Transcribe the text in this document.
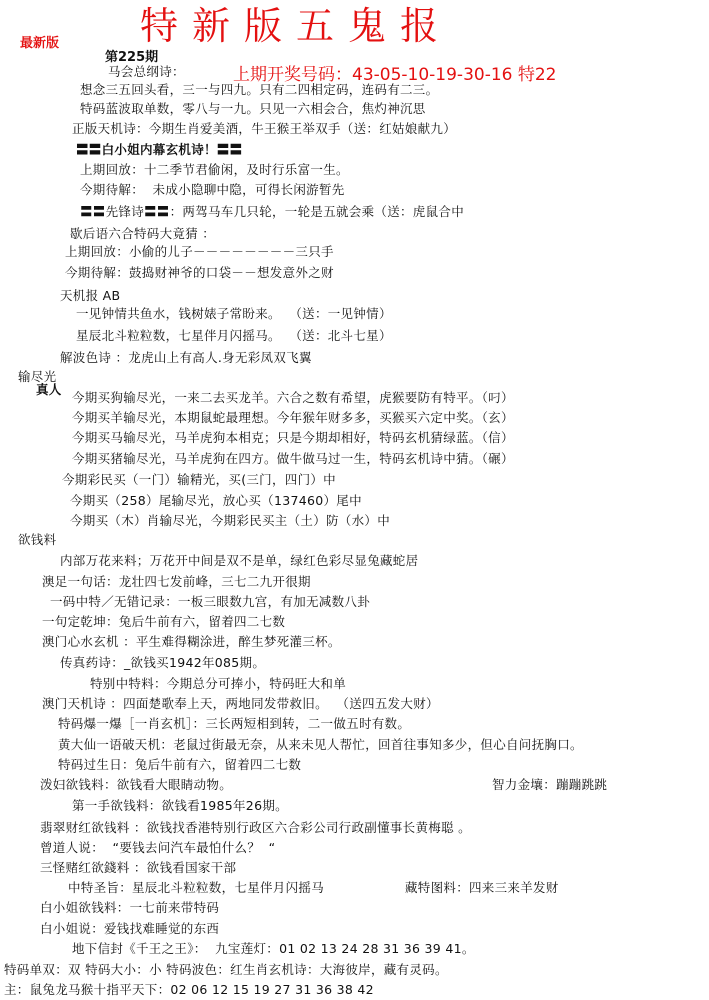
特新版五鬼报
最新版
第225期
上期开奖号码：43-05-10-19-30-16 特22
马会总纲诗：
想念三五回头看，三一与四九。只有二四相定码，连码有二三。
特码蓝波取单数，零八与一九。只见一六相会合，焦灼神沉思
正版天机诗：今期生肖爱美酒，牛王猴王举双手（送：红姑娘献九）
〓〓白小姐内幕玄机诗！〓〓
上期回放：十二季节君偷闲，及时行乐富一生。
今期待解：  未成小隐聊中隐，可得长闲游暂先
〓〓先锋诗〓〓：两驾马车几只轮，一轮是五就会乘（送：虎鼠合中
歇后语六合特码大竟猜 ：
上期回放：小偷的儿子－－－－－－－－三只手
今期待解：鼓捣财神爷的口袋－－想发意外之财
天机报 AB
一见钟情共鱼水，钱树婊子常盼来。  （送：一见钟情）
星辰北斗粒粒数，七星伴月闪摇马。  （送：北斗七星）
解波色诗 ：龙虎山上有高人.身无彩凤双飞翼
输尽光
真人
今期买狗输尽光，一来二去买龙羊。六合之数有希望，虎猴要防有特平。（叼）
今期买羊输尽光，本期鼠蛇最理想。今年猴年财多多，买猴买六定中奖。（玄）
今期买马输尽光，马羊虎狗本相克；只是今期却相好，特码玄机猜绿蓝。（信）
今期买猪输尽光，马羊虎狗在四方。做牛做马过一生，特码玄机诗中猜。（碾）
今期彩民买（一门）输精光，买(三门，四门）中
今期买（258）尾输尽光，放心买（137460）尾中
今期买（木）肖输尽光，今期彩民买主（土）防（水）中
欲钱料
内部万花来料；万花开中间是双不是单，绿红色彩尽显兔藏蛇居
澳足一句话：龙壮四七发前峰，三七二九开很期
一码中特／无错记录：一板三眼数九宫，有加无减数八卦
一句定乾坤：兔后牛前有六，留着四二七数
澳门心水玄机 ：平生难得糊涂进，醉生梦死灌三杯。
传真药诗：_欲钱买1942年085期。
特别中特料：今期总分可捧小，特码旺大和单
澳门天机诗 ：四面楚歌奉上天，两地同发带救旧。  （送四五发大财）
特码爆一爆［一肖玄机］：三长两短相到转，二一做五时有数。
黄大仙一语破天机：老鼠过街最无奈，从来未见人帮忙，回首往事知多少，但心自问抚胸口。
特码过生日：兔后牛前有六，留着四二七数
泼妇欲钱料：欲钱看大眼睛动物。	智力金壤：蹦蹦跳跳
第一手欲钱料：欲钱看1985年26期。
翡翠财红欲钱料 ：欲钱找香港特别行政区六合彩公司行政副懂事长黄梅聪 。
曾道人说：  “要钱去问汽车最怕什么？  “
三怪赌红欲錢料 ：欲钱看国家干部
中特圣旨：星辰北斗粒粒数，七星伴月闪摇马	藏特图料：四来三来羊发财
白小姐欲钱料：一七前来带特码
白小姐说：爱钱找难睡觉的东西
地下信封《千王之王》：  九宝莲灯：01 02 13 24 28 31 36 39 41。
特码单双：双 特码大小：小 特码波色：红生肖玄机诗：大海彼岸，藏有灵码。
主：鼠兔龙马猴十指平天下：02 06 12 15 19 27 31 36 38 42
